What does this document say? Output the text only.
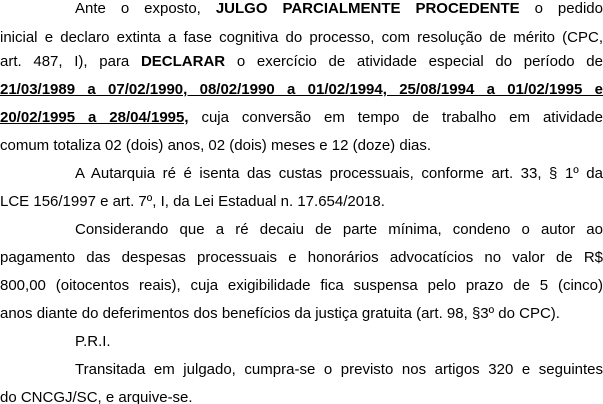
Ante o exposto, JULGO PARCIALMENTE PROCEDENTE o pedido
inicial e declaro extinta a fase cognitiva do processo, com resolução de mérito (CPC,
art. 487, I), para DECLARAR o exercício de atividade especial do período de
21/03/1989 a 07/02/1990, 08/02/1990 a 01/02/1994, 25/08/1994 a 01/02/1995 e
20/02/1995 a 28/04/1995, cuja conversão em tempo de trabalho em atividade
comum totaliza 02 (dois) anos, 02 (dois) meses e 12 (doze) dias.
A Autarquia ré é isenta das custas processuais, conforme art. 33, § 1º da
LCE 156/1997 e art. 7º, I, da Lei Estadual n. 17.654/2018.
Considerando que a ré decaiu de parte mínima, condeno o autor ao
pagamento das despesas processuais e honorários advocatícios no valor de R$
800,00 (oitocentos reais), cuja exigibilidade fica suspensa pelo prazo de 5 (cinco)
anos diante do deferimentos dos benefícios da justiça gratuita (art. 98, §3º do CPC).
P.R.I.
Transitada em julgado, cumpra-se o previsto nos artigos 320 e seguintes
do CNCGJ/SC, e arquive-se.
